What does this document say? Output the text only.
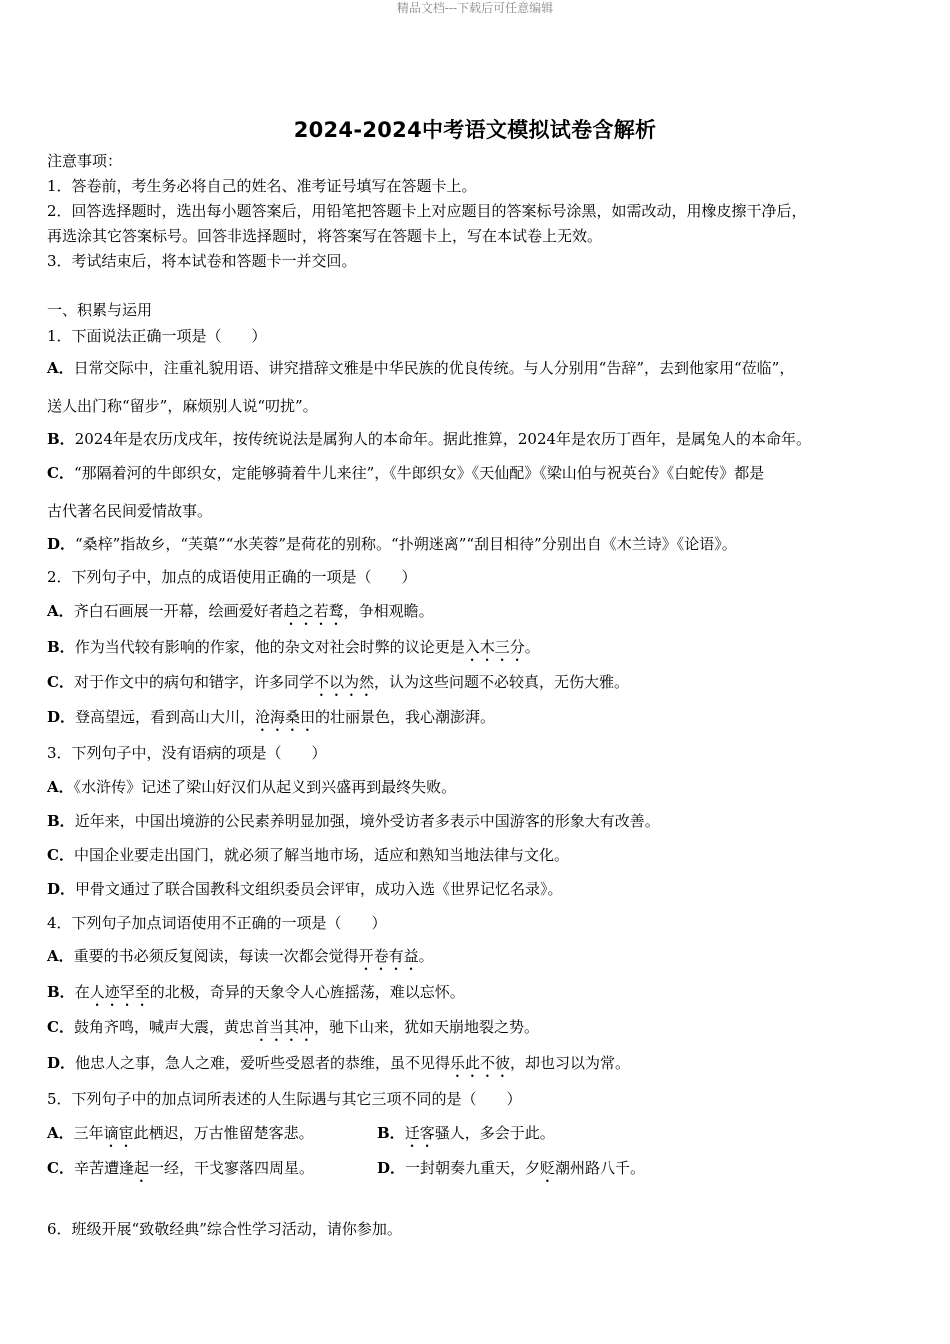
精品文档---下载后可任意编辑
2024-2024中考语文模拟试卷含解析
注意事项：
1．答卷前，考生务必将自己的姓名、准考证号填写在答题卡上。
2．回答选择题时，选出每小题答案后，用铅笔把答题卡上对应题目的答案标号涂黑，如需改动，用橡皮擦干净后，
再选涂其它答案标号。回答非选择题时，将答案写在答题卡上，写在本试卷上无效。
3．考试结束后，将本试卷和答题卡一并交回。
一、积累与运用
1．下面说法正确一项是（　　）
A．日常交际中，注重礼貌用语、讲究措辞文雅是中华民族的优良传统。与人分别用“告辞”，去到他家用“莅临”，
送人出门称“留步”，麻烦别人说“叨扰”。
B．2024年是农历戊戌年，按传统说法是属狗人的本命年。据此推算，2024年是农历丁酉年，是属兔人的本命年。
C．“那隔着河的牛郎织女，定能够骑着牛儿来往”，《牛郎织女》《天仙配》《梁山伯与祝英台》《白蛇传》都是
古代著名民间爱情故事。
D．“桑梓”指故乡，“芙蕖”“水芙蓉”是荷花的别称。“扑朔迷离”“刮目相待”分别出自《木兰诗》《论语》。
2．下列句子中，加点的成语使用正确的一项是（　　）
A．齐白石画展一开幕，绘画爱好者趋之若鹜，争相观瞻。
B．作为当代较有影响的作家，他的杂文对社会时弊的议论更是入木三分。
C．对于作文中的病句和错字，许多同学不以为然，认为这些问题不必较真，无伤大雅。
D．登高望远，看到高山大川，沧海桑田的壮丽景色，我心潮澎湃。
3．下列句子中，没有语病的项是（　　）
A．《水浒传》记述了梁山好汉们从起义到兴盛再到最终失败。
B．近年来，中国出境游的公民素养明显加强，境外受访者多表示中国游客的形象大有改善。
C．中国企业要走出国门，就必须了解当地市场，适应和熟知当地法律与文化。
D．甲骨文通过了联合国教科文组织委员会评审，成功入选《世界记忆名录》。
4．下列句子加点词语使用不正确的一项是（　　）
A．重要的书必须反复阅读，每读一次都会觉得开卷有益。
B．在人迹罕至的北极，奇异的天象令人心旌摇荡，难以忘怀。
C．鼓角齐鸣，喊声大震，黄忠首当其冲，驰下山来，犹如天崩地裂之势。
D．他忠人之事，急人之难，爱听些受恩者的恭维，虽不见得乐此不彼，却也习以为常。
5．下列句子中的加点词所表述的人生际遇与其它三项不同的是（　　）
A．三年谪宦此栖迟，万古惟留楚客悲。	B．迁客骚人，多会于此。
C．辛苦遭逢起一经，干戈寥落四周星。	D．一封朝奏九重天，夕贬潮州路八千。
6．班级开展“致敬经典”综合性学习活动，请你参加。
